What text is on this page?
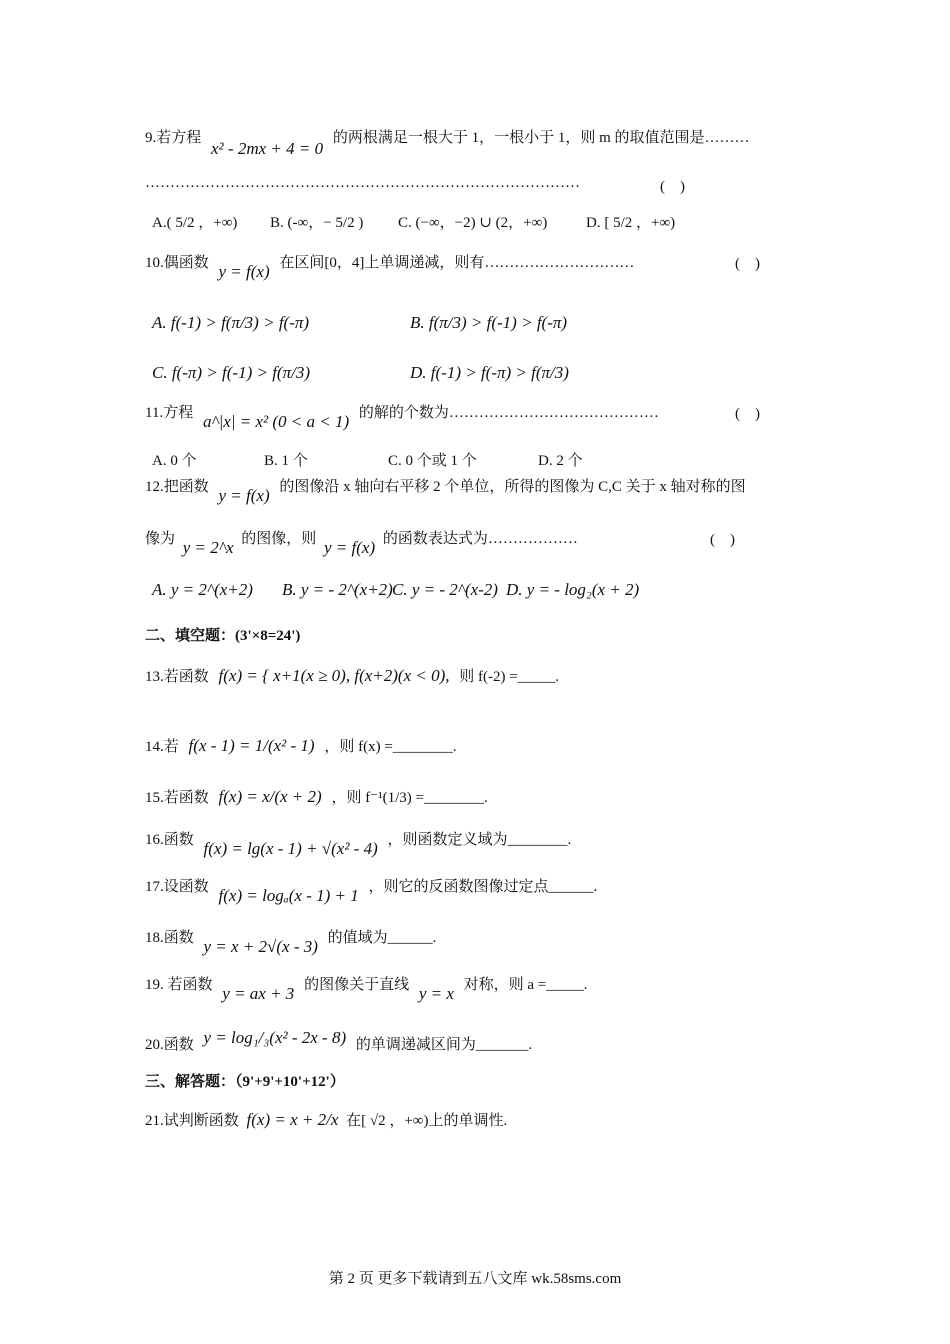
9.若方程 x² - 2mx + 4 = 0 的两根满足一根大于 1，一根小于 1，则 m 的取值范围是………
……………………………………………………………………………	(　)
A.( 5/2 ，+∞) B. (-∞，− 5/2 ) C. (−∞，−2) ∪ (2，+∞)	D. [ 5/2 ，+∞)
10.偶函数 y = f(x) 在区间[0，4]上单调递减，则有…………………………	(　)
A. f(-1) > f(π/3) > f(-π)	B. f(π/3) > f(-1) > f(-π)
C. f(-π) > f(-1) > f(π/3)	D. f(-1) > f(-π) > f(π/3)
11.方程 a^|x| = x² (0 < a < 1) 的解的个数为……………………………………	(　)
A. 0 个	B. 1 个	C. 0 个或 1 个	D. 2 个
12.把函数 y = f(x) 的图像沿 x 轴向右平移 2 个单位，所得的图像为 C,C 关于 x 轴对称的图
像为 y = 2^x 的图像，则 y = f(x) 的函数表达式为………………	(　)
A. y = 2^(x+2) B. y = - 2^(x+2) C. y = - 2^(x-2) D. y = - log₂(x + 2)
二、填空题：(3'×8=24')
13.若函数 f(x) = { x+1(x ≥ 0), f(x+2)(x < 0), 则 f(-2) =_____.
14.若 f(x - 1) = 1/(x² - 1) ，则 f(x) =________.
15.若函数 f(x) = x/(x + 2) ，则 f⁻¹(1/3) =________.
16.函数 f(x) = lg(x - 1) + √(x² - 4) ，则函数定义域为________.
17.设函数 f(x) = logₐ(x - 1) + 1 ，则它的反函数图像过定点______.
18.函数 y = x + 2√(x - 3) 的值域为______.
19. 若函数 y = ax + 3 的图像关于直线 y = x 对称，则 a =_____.
20.函数 y = log₁/₃(x² - 2x - 8) 的单调递减区间为_______.
三、解答题：（9'+9'+10'+12'）
21.试判断函数 f(x) = x + 2/x 在[ √2 ，+∞)上的单调性.
第 2 页 更多下载请到五八文库 wk.58sms.com
